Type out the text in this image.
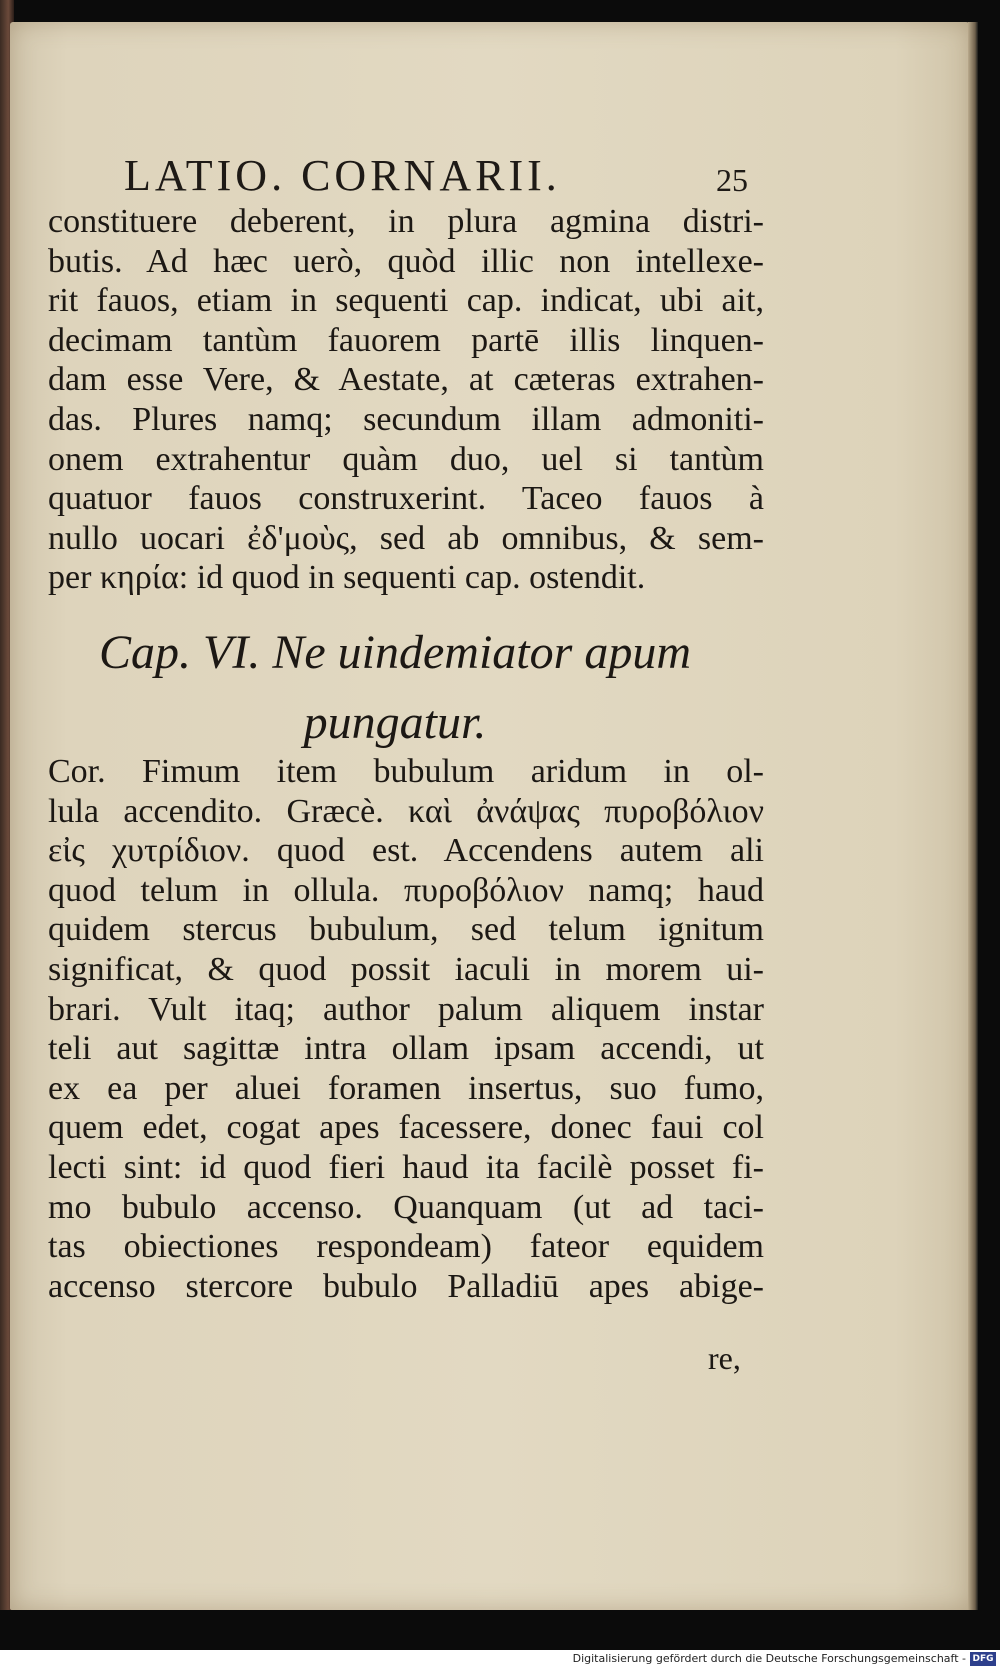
LATIO. CORNARII.	25
constituere deberent, in plura agmina distri-
butis. Ad hæc uerò, quòd illic non intellexe-
rit fauos, etiam in sequenti cap. indicat, ubi ait,
decimam tantùm fauorem partē illis linquen-
dam esse Vere, & Aestate, at cæteras extrahen-
das. Plures namq; secundum illam admoniti-
onem extrahentur quàm duo, uel si tantùm
quatuor fauos construxerint. Taceo fauos à
nullo uocari ἐδ'μοὺς, sed ab omnibus, & sem-
per κηρία: id quod in sequenti cap. ostendit.
Cap. VI. Ne uindemiator apum
pungatur.
Cor. Fimum item bubulum aridum in ol-
lula accendito. Græcè. καὶ ἀνάψας πυροβόλιον
εἰς χυτρίδιον. quod est. Accendens autem ali
quod telum in ollula. πυροβόλιον namq; haud
quidem stercus bubulum, sed telum ignitum
significat, & quod possit iaculi in morem ui-
brari. Vult itaq; author palum aliquem instar
teli aut sagittæ intra ollam ipsam accendi, ut
ex ea per aluei foramen insertus, suo fumo,
quem edet, cogat apes facessere, donec faui col
lecti sint: id quod fieri haud ita facilè posset fi-
mo bubulo accenso. Quanquam (ut ad taci-
tas obiectiones respondeam) fateor equidem
accenso stercore bubulo Palladiū apes abige-
re,
Digitalisierung gefördert durch die Deutsche Forschungsgemeinschaft - DFG
